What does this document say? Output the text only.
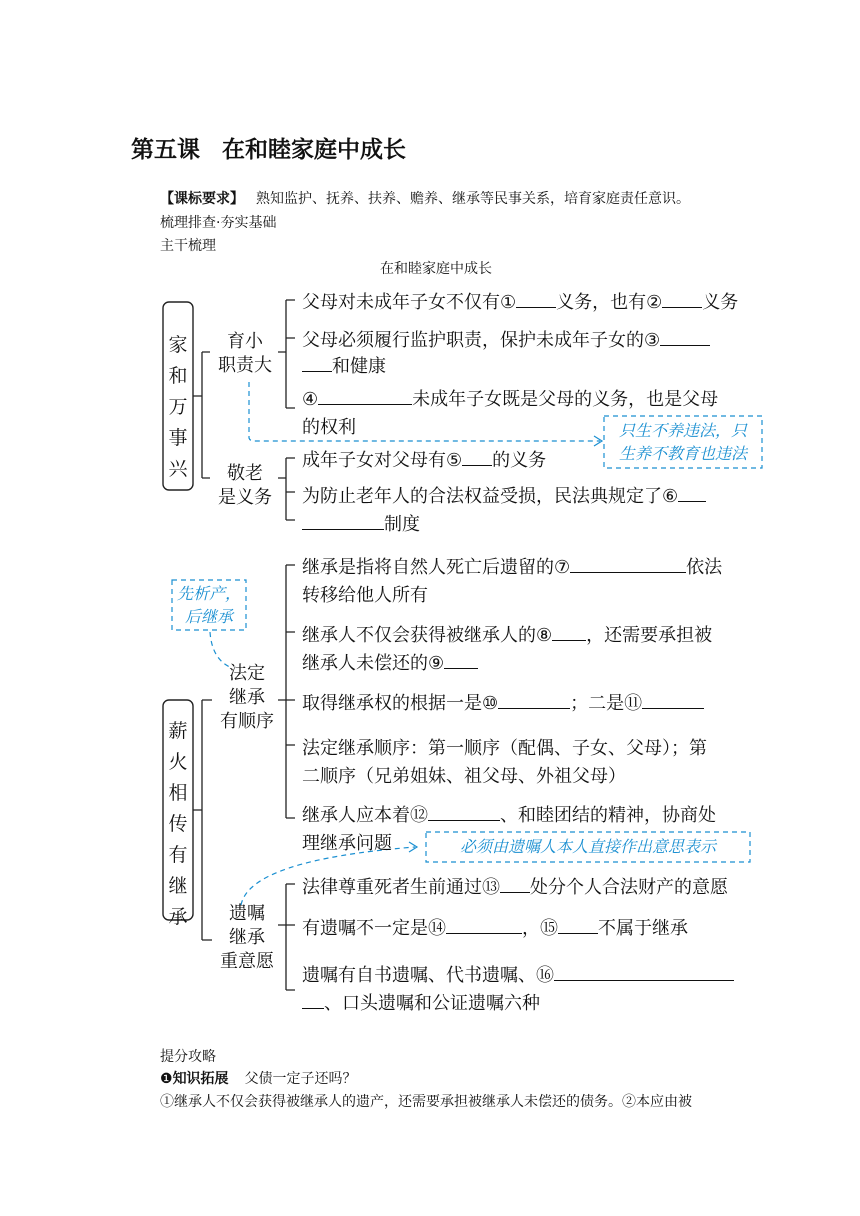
第五课 在和睦家庭中成长
【课标要求】 熟知监护、抚养、扶养、赡养、继承等民事关系，培育家庭责任意识。
梳理排查·夯实基础
主干梳理
在和睦家庭中成长
家和万事兴
育小
职责大
敬老
是义务
父母对未成年子女不仅有① 义务，也有② 义务
父母必须履行监护职责，保护未成年子女的③
和健康
④	未成年子女既是父母的义务，也是父母
的权利
成年子女对父母有⑤ 的义务
为防止老年人的合法权益受损，民法典规定了⑥
制度
只生不养违法，只
生养不教育也违法
薪火相传有继承
先析产，
后继承
法定
继承
有顺序
遗嘱
继承
重意愿
继承是指将自然人死亡后遗留的⑦	依法
转移给他人所有
继承人不仅会获得被继承人的⑧ ，还需要承担被
继承人未偿还的⑨
取得继承权的根据一是⑩	；二是⑪
法定继承顺序：第一顺序（配偶、子女、父母）；第
二顺序（兄弟姐妹、祖父母、外祖父母）
继承人应本着⑫	、和睦团结的精神，协商处
理继承问题	必须由遗嘱人本人直接作出意思表示
法律尊重死者生前通过⑬ 处分个人合法财产的意愿
有遗嘱不一定是⑭	，⑮ 不属于继承
遗嘱有自书遗嘱、代书遗嘱、⑯
、口头遗嘱和公证遗嘱六种
提分攻略
❶知识拓展 父债一定子还吗？
①继承人不仅会获得被继承人的遗产，还需要承担被继承人未偿还的债务。②本应由被
